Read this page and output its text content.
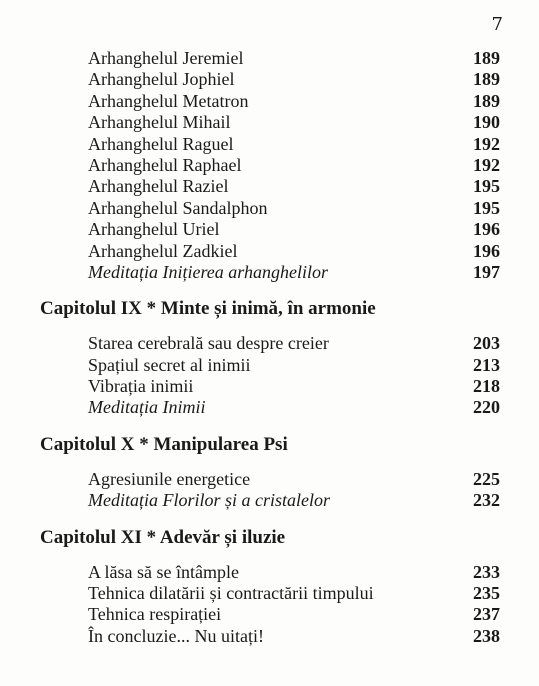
7
Arhanghelul Jeremiel	189
Arhanghelul Jophiel	189
Arhanghelul Metatron	189
Arhanghelul Mihail	190
Arhanghelul Raguel	192
Arhanghelul Raphael	192
Arhanghelul Raziel	195
Arhanghelul Sandalphon	195
Arhanghelul Uriel	196
Arhanghelul Zadkiel	196
Meditația Inițierea arhanghelilor	197
Capitolul IX * Minte și inimă, în armonie
Starea cerebrală sau despre creier	203
Spațiul secret al inimii	213
Vibrația inimii	218
Meditația Inimii	220
Capitolul X * Manipularea Psi
Agresiunile energetice	225
Meditația Florilor și a cristalelor	232
Capitolul XI * Adevăr și iluzie
A lăsa să se întâmple	233
Tehnica dilatării și contractării timpului	235
Tehnica respirației	237
În concluzie... Nu uitați!	238
